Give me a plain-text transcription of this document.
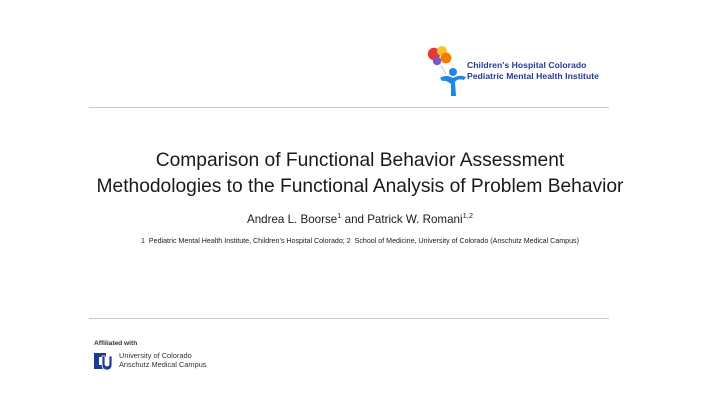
Children's Hospital Colorado
Pediatric Mental Health Institute
Comparison of Functional Behavior Assessment
Methodologies to the Functional Analysis of Problem Behavior
Andrea L. Boorse$^1$ and Patrick W. Romani$^{1,2}$
1  Pediatric Mental Health Institute, Children’s Hospital Colorado; 2  School of Medicine, University of Colorado (Anschutz Medical Campus)
Affiliated with
University of Colorado
Anschutz Medical Campus
